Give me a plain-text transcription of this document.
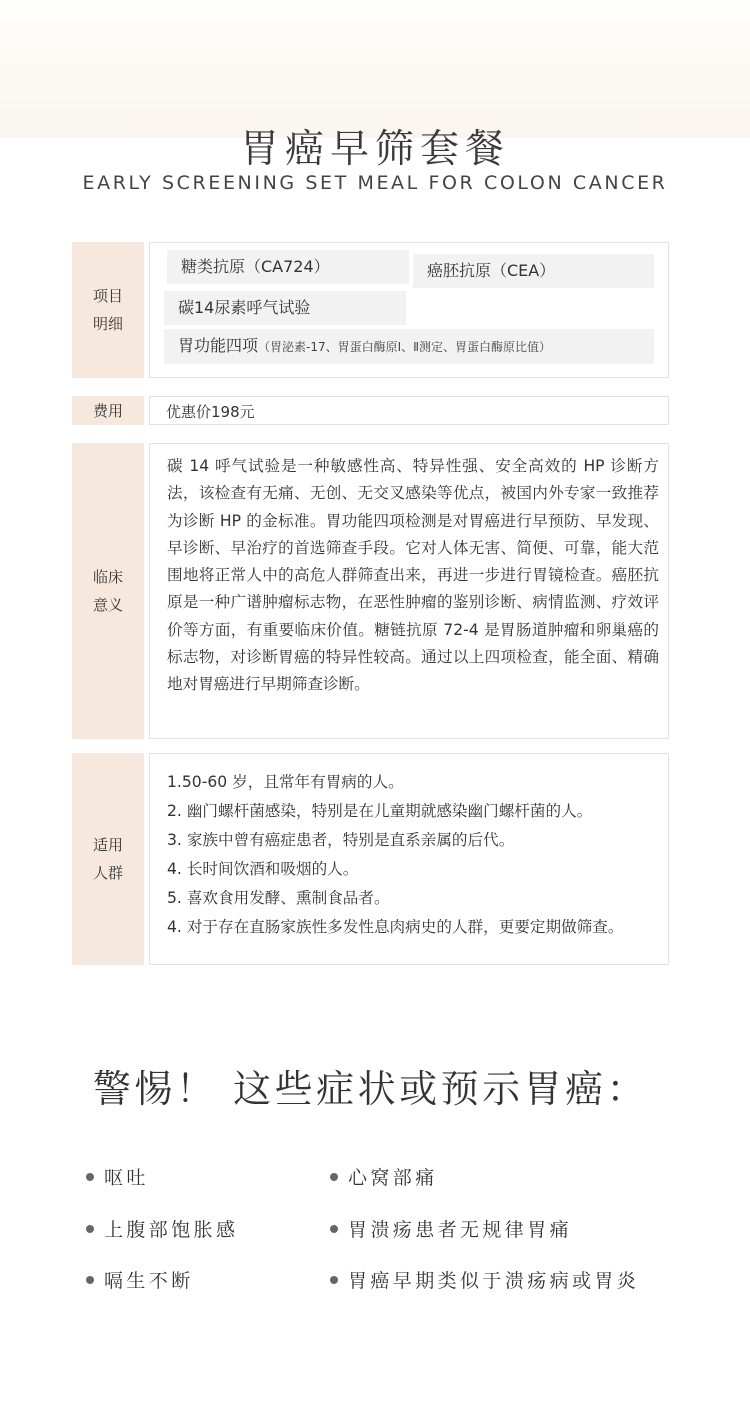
胃癌早筛套餐
EARLY SCREENING SET MEAL FOR COLON CANCER
项目
明细
糖类抗原（CA724）	癌胚抗原（CEA）
碳14尿素呼气试验
胃功能四项（胃泌素-17、胃蛋白酶原Ⅰ、Ⅱ测定、胃蛋白酶原比值）
费用	优惠价198元
临床
意义

碳 14 呼气试验是一种敏感性高、特异性强、安全高效的 HP 诊断方法，该检查有无痛、无创、无交叉感染等优点，被国内外专家一致推荐为诊断 HP 的金标准。胃功能四项检测是对胃癌进行早预防、早发现、早诊断、早治疗的首选筛查手段。它对人体无害、简便、可靠，能大范围地将正常人中的高危人群筛查出来，再进一步进行胃镜检查。癌胚抗原是一种广谱肿瘤标志物，在恶性肿瘤的鉴别诊断、病情监测、疗效评价等方面，有重要临床价值。糖链抗原 72-4 是胃肠道肿瘤和卵巢癌的标志物，对诊断胃癌的特异性较高。通过以上四项检查，能全面、精确地对胃癌进行早期筛查诊断。

适用
人群
1.50-60 岁，且常年有胃病的人。
2. 幽门螺杆菌感染，特别是在儿童期就感染幽门螺杆菌的人。
3. 家族中曾有癌症患者，特别是直系亲属的后代。
4. 长时间饮酒和吸烟的人。
5. 喜欢食用发酵、熏制食品者。
4. 对于存在直肠家族性多发性息肉病史的人群，更要定期做筛查。
警惕！ 这些症状或预示胃癌：
呕吐	心窝部痛
上腹部饱胀感	胃溃疡患者无规律胃痛
嗝生不断	胃癌早期类似于溃疡病或胃炎
